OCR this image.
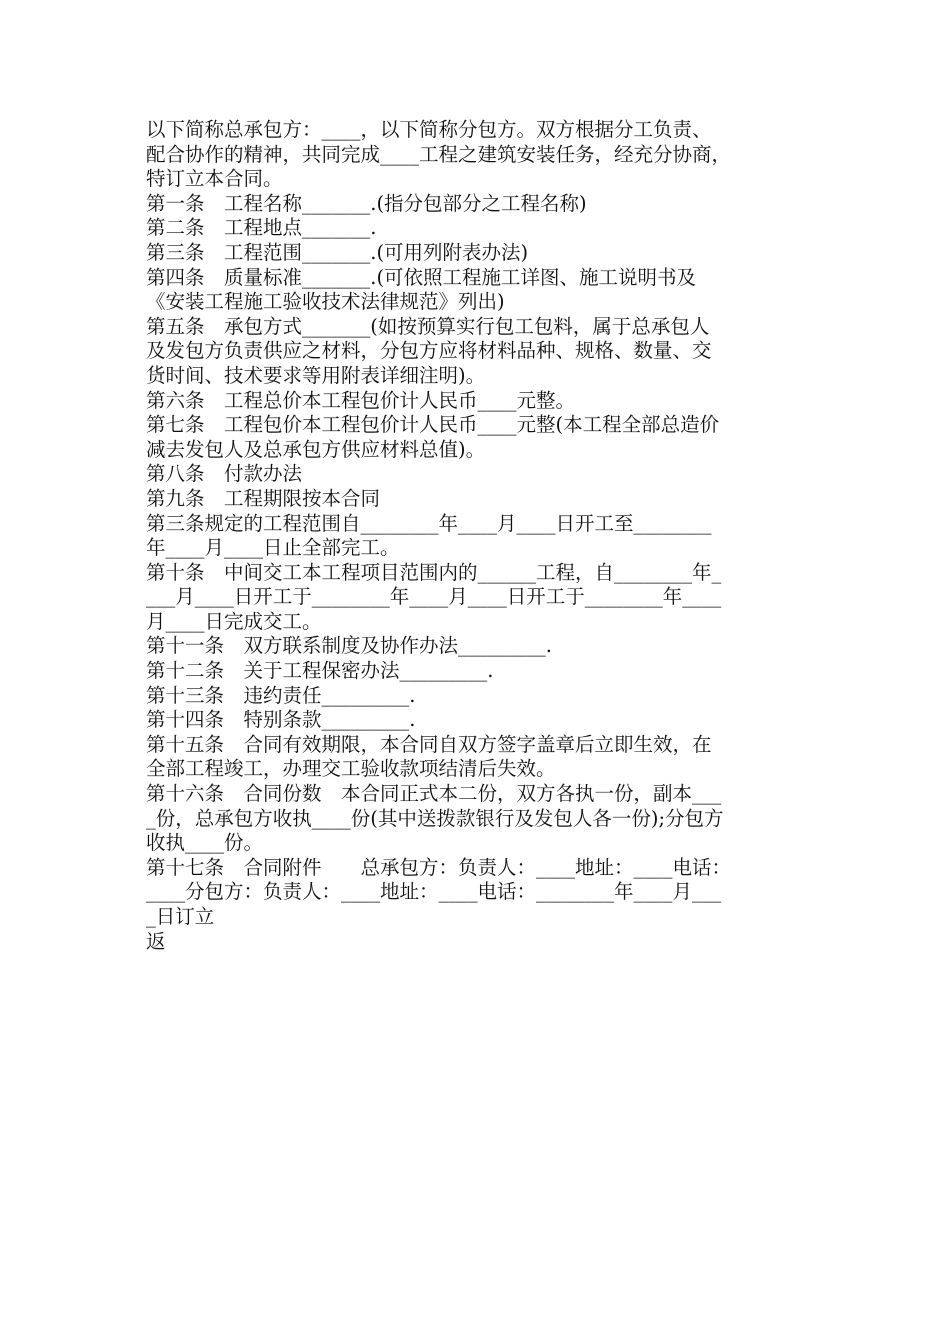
以下简称总承包方：____，以下简称分包方。双方根据分工负责、
配合协作的精神，共同完成____工程之建筑安装任务，经充分协商，
特订立本合同。
第一条　工程名称_______.(指分包部分之工程名称)
第二条　工程地点_______.
第三条　工程范围_______.(可用列附表办法)
第四条　质量标准_______.(可依照工程施工详图、施工说明书及
《安装工程施工验收技术法律规范》列出)
第五条　承包方式_______(如按预算实行包工包料，属于总承包人
及发包方负责供应之材料，分包方应将材料品种、规格、数量、交
货时间、技术要求等用附表详细注明)。
第六条　工程总价本工程包价计人民币____元整。
第七条　工程包价本工程包价计人民币____元整(本工程全部总造价
减去发包人及总承包方供应材料总值)。
第八条　付款办法
第九条　工程期限按本合同
第三条规定的工程范围自________年____月____日开工至________
年____月____日止全部完工。
第十条　中间交工本工程项目范围内的______工程，自________年_
___月____日开工于________年____月____日开工于________年____
月____日完成交工。
第十一条　双方联系制度及协作办法_________.
第十二条　关于工程保密办法_________.
第十三条　违约责任_________.
第十四条　特别条款_________.
第十五条　合同有效期限，本合同自双方签字盖章后立即生效，在
全部工程竣工，办理交工验收款项结清后失效。
第十六条　合同份数　本合同正式本二份，双方各执一份，副本___
_份，总承包方收执____份(其中送拨款银行及发包人各一份);分包方
收执____份。
第十七条　合同附件　　总承包方：负责人：____地址：____电话：
____分包方：负责人：____地址：____电话：________年____月___
_日订立
返
